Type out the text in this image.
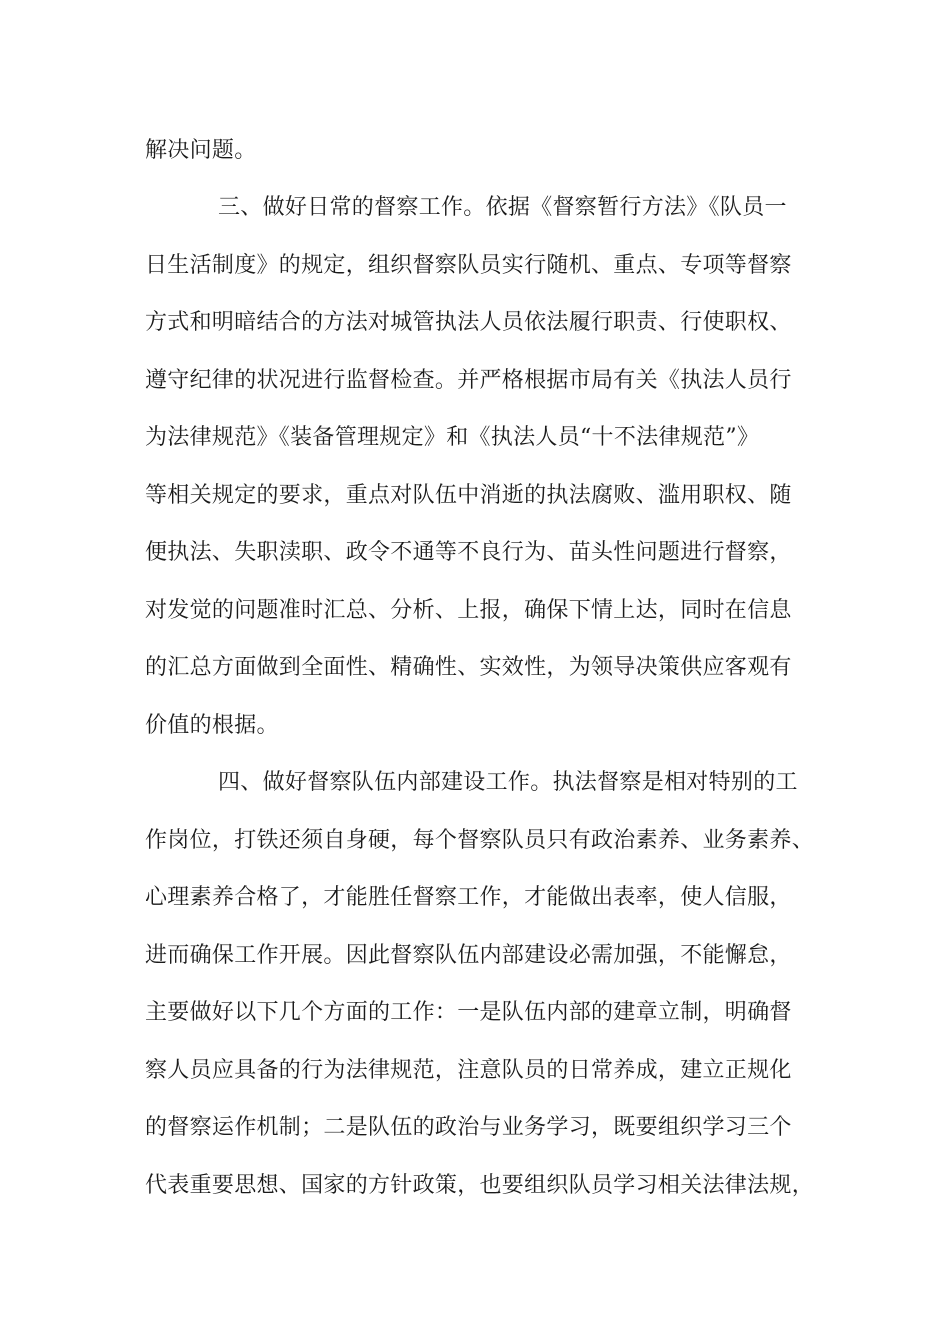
解决问题。
三、做好日常的督察工作。依据《督察暂行方法》《队员一
日生活制度》的规定，组织督察队员实行随机、重点、专项等督察
方式和明暗结合的方法对城管执法人员依法履行职责、行使职权、
遵守纪律的状况进行监督检查。并严格根据市局有关《执法人员行
为法律规范》《装备管理规定》和《执法人员“十不法律规范”》
等相关规定的要求，重点对队伍中消逝的执法腐败、滥用职权、随
便执法、失职渎职、政令不通等不良行为、苗头性问题进行督察，
对发觉的问题准时汇总、分析、上报，确保下情上达，同时在信息
的汇总方面做到全面性、精确性、实效性，为领导决策供应客观有
价值的根据。
四、做好督察队伍内部建设工作。执法督察是相对特别的工
作岗位，打铁还须自身硬，每个督察队员只有政治素养、业务素养、
心理素养合格了，才能胜任督察工作，才能做出表率，使人信服，
进而确保工作开展。因此督察队伍内部建设必需加强，不能懈怠，
主要做好以下几个方面的工作：一是队伍内部的建章立制，明确督
察人员应具备的行为法律规范，注意队员的日常养成，建立正规化
的督察运作机制；二是队伍的政治与业务学习，既要组织学习三个
代表重要思想、国家的方针政策，也要组织队员学习相关法律法规，
